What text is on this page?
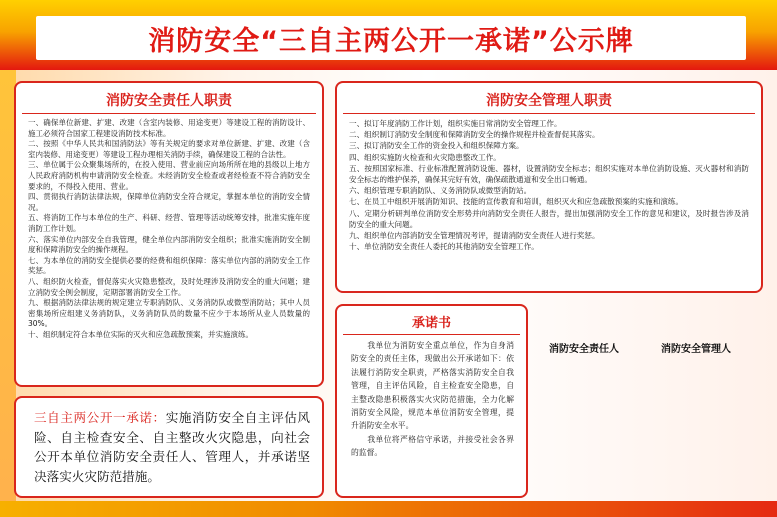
消防安全“三自主两公开一承诺”公示牌
消防安全责任人职责

一、确保单位新建、扩建、改建（含室内装修、用途变更）等建设工程的消防设计、施工必须符合国家工程建设消防技术标准。

二、按照《中华人民共和国消防法》等有关规定的要求对单位新建、扩建、改建（含室内装修、用途变更）等建设工程办理相关消防手续，确保建设工程的合法性。

三、单位属于公众聚集场所的，在投入使用、营业前应向场所所在地的县级以上地方人民政府消防机构申请消防安全检查。未经消防安全检查或者经检查不符合消防安全要求的，不得投入使用、营业。

四、贯彻执行消防法律法规，保障单位消防安全符合规定，掌握本单位的消防安全情况。

五、将消防工作与本单位的生产、科研、经营、管理等活动统筹安排，批准实施年度消防工作计划。

六、落实单位内部安全自我管理，健全单位内部消防安全组织；批准实施消防安全制度和保障消防安全的操作规程。

七、为本单位的消防安全提供必要的经费和组织保障：落实单位内部的消防安全工作奖惩。

八、组织防火检查，督促落实火灾隐患整改，及时处理涉及消防安全的重大问题；建立消防安全例会制度，定期部署消防安全工作。

九、根据消防法律法规的规定建立专职消防队、义务消防队或微型消防站；其中人员密集场所应组建义务消防队，义务消防队员的数量不应少于本场所从业人员数量的30%。

十、组织制定符合本单位实际的灭火和应急疏散预案，并实施演练。

消防安全管理人职责

一、拟订年度消防工作计划，组织实施日常消防安全管理工作。

二、组织制订消防安全制度和保障消防安全的操作规程并检查督促其落实。

三、拟订消防安全工作的资金投入和组织保障方案。

四、组织实施防火检查和火灾隐患整改工作。

五、按照国家标准、行业标准配置消防设施、器材，设置消防安全标志；组织实施对本单位消防设施、灭火器材和消防安全标志的维护保养，确保其完好有效，确保疏散通道和安全出口畅通。

六、组织管理专职消防队、义务消防队或微型消防站。

七、在员工中组织开展消防知识、技能的宣传教育和培训，组织灭火和应急疏散预案的实施和演练。

八、定期分析研判单位消防安全形势并向消防安全责任人报告，提出加强消防安全工作的意见和建议，及时报告涉及消防安全的重大问题。

九、组织单位内部消防安全管理情况考评，提请消防安全责任人进行奖惩。

十、单位消防安全责任人委托的其他消防安全管理工作。

三自主两公开一承诺：实施消防安全自主评估风险、自主检查安全、自主整改火灾隐患，向社会公开本单位消防安全责任人、管理人，并承诺坚决落实火灾防范措施。

承诺书

我单位为消防安全重点单位，作为自身消防安全的责任主体，现做出公开承诺如下：依法履行消防安全职责，严格落实消防安全自我管理，自主评估风险，自主检查安全隐患，自主整改隐患积极落实火灾防范措施，全力化解消防安全风险，规范本单位消防安全管理，提升消防安全水平。
我单位将严格信守承诺，并接受社会各界的监督。

消防安全责任人	消防安全管理人
